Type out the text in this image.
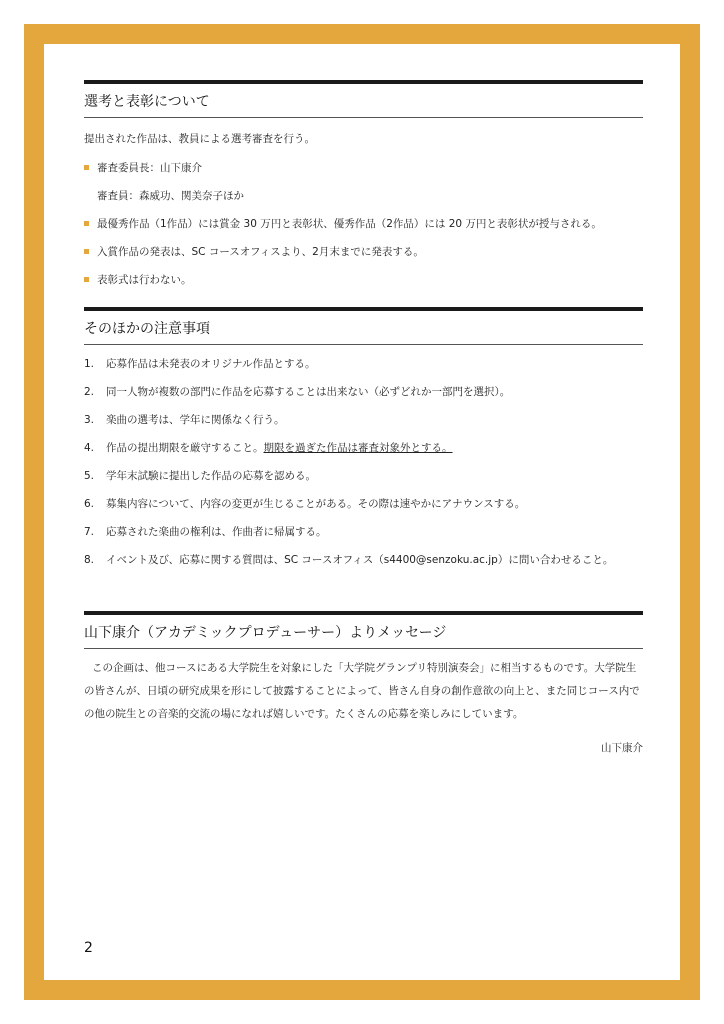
選考と表彰について
提出された作品は、教員による選考審査を行う。
審査委員長：山下康介
審査員：森威功、関美奈子ほか
最優秀作品（1作品）には賞金 30 万円と表彰状、優秀作品（2作品）には 20 万円と表彰状が授与される。
入賞作品の発表は、SC コースオフィスより、2月末までに発表する。
表彰式は行わない。
そのほかの注意事項
1. 応募作品は未発表のオリジナル作品とする。
2. 同一人物が複数の部門に作品を応募することは出来ない（必ずどれか一部門を選択）。
3. 楽曲の選考は、学年に関係なく行う。
4. 作品の提出期限を厳守すること。期限を過ぎた作品は審査対象外とする。
5. 学年末試験に提出した作品の応募を認める。
6. 募集内容について、内容の変更が生じることがある。その際は速やかにアナウンスする。
7. 応募された楽曲の権利は、作曲者に帰属する。
8. イベント及び、応募に関する質問は、SC コースオフィス（s4400@senzoku.ac.jp）に問い合わせること。
山下康介（アカデミックプロデューサー）よりメッセージ
この企画は、他コースにある大学院生を対象にした「大学院グランプリ特別演奏会」に相当するものです。大学院生の皆さんが、日頃の研究成果を形にして披露することによって、皆さん自身の創作意欲の向上と、また同じコース内での他の院生との音楽的交流の場になれば嬉しいです。たくさんの応募を楽しみにしています。
山下康介
2
